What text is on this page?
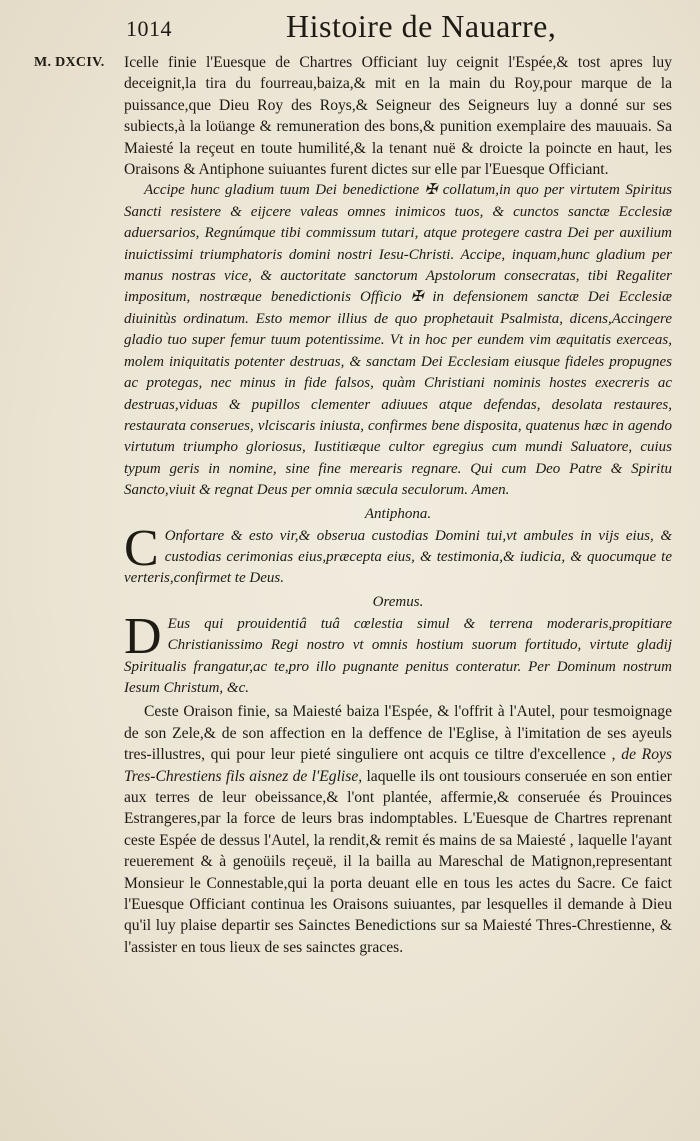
1014	Histoire de Nauarre,
M. DXCIV. Icelle finie l'Euesque de Chartres Officiant luy ceignit l'Espée,& tost apres luy deceignit,la tira du fourreau,baiza,& mit en la main du Roy,pour marque de la puissance,que Dieu Roy des Roys,& Seigneur des Seigneurs luy a donné sur ses subiects,à la loüange & remuneration des bons,& punition exemplaire des mauuais. Sa Maiesté la reçeut en toute humilité,& la tenant nuë & droicte la poincte en haut, les Oraisons & Antiphone suiuantes furent dictes sur elle par l'Euesque Officiant.

Accipe hunc gladium tuum Dei benedictione ✠ collatum,in quo per virtutem Spiritus Sancti resistere & eijcere valeas omnes inimicos tuos, & cunctos sanctæ Ecclesiæ aduersarios, Regnúmque tibi commissum tutari, atque protegere castra Dei per auxilium inuictissimi triumphatoris domini nostri Iesu-Christi. Accipe, inquam,hunc gladium per manus nostras vice, & auctoritate sanctorum Apstolorum consecratas, tibi Regaliter impositum, nostræque benedictionis Officio ✠ in defensionem sanctæ Dei Ecclesiæ diuinitùs ordinatum. Esto memor illius de quo prophetauit Psalmista, dicens,Accingere gladio tuo super femur tuum potentissime. Vt in hoc per eundem vim æquitatis exerceas, molem iniquitatis potenter destruas, & sanctam Dei Ecclesiam eiusque fideles propugnes ac protegas, nec minus in fide falsos, quàm Christiani nominis hostes execreris ac destruas,viduas & pupillos clementer adiuues atque defendas, desolata restaures, restaurata conserues, vlciscaris iniusta, confirmes bene disposita, quatenus hæc in agendo virtutum triumpho gloriosus, Iustitiæque cultor egregius cum mundi Saluatore, cuius typum geris in nomine, sine fine merearis regnare. Qui cum Deo Patre & Spiritu Sancto,viuit & regnat Deus per omnia sæcula seculorum. Amen.

Antiphona.

C Onfortare & esto vir,& obserua custodias Domini tui,vt ambules in vijs eius, & custodias cerimonias eius,præcepta eius, & testimonia,& iudicia, & quocumque te verteris,confirmet te Deus.

Oremus.

D Eus qui prouidentiâ tuâ cœlestia simul & terrena moderaris,propitiare Christianissimo Regi nostro vt omnis hostium suorum fortitudo, virtute gladij Spiritualis frangatur,ac te,pro illo pugnante penitus conteratur. Per Dominum nostrum Iesum Christum, &c.

Ceste Oraison finie, sa Maiesté baiza l'Espée, & l'offrit à l'Autel, pour tesmoignage de son Zele,& de son affection en la deffence de l'Eglise, à l'imitation de ses ayeuls tres-illustres, qui pour leur pieté singuliere ont acquis ce tiltre d'excellence , de Roys Tres-Chrestiens fils aisnez de l'Eglise, laquelle ils ont tousiours conseruée en son entier aux terres de leur obeissance,& l'ont plantée, affermie,& conseruée és Prouinces Estrangeres,par la force de leurs bras indomptables. L'Euesque de Chartres reprenant ceste Espée de dessus l'Autel, la rendit,& remit és mains de sa Maiesté , laquelle l'ayant reuerement & à genoüils reçeuë, il la bailla au Mareschal de Matignon,representant Monsieur le Connestable,qui la porta deuant elle en tous les actes du Sacre. Ce faict l'Euesque Officiant continua les Oraisons suiuantes, par lesquelles il demande à Dieu qu'il luy plaise departir ses Sainctes Benedictions sur sa Maiesté Thres-Chrestienne, & l'assister en tous lieux de ses sainctes graces.
